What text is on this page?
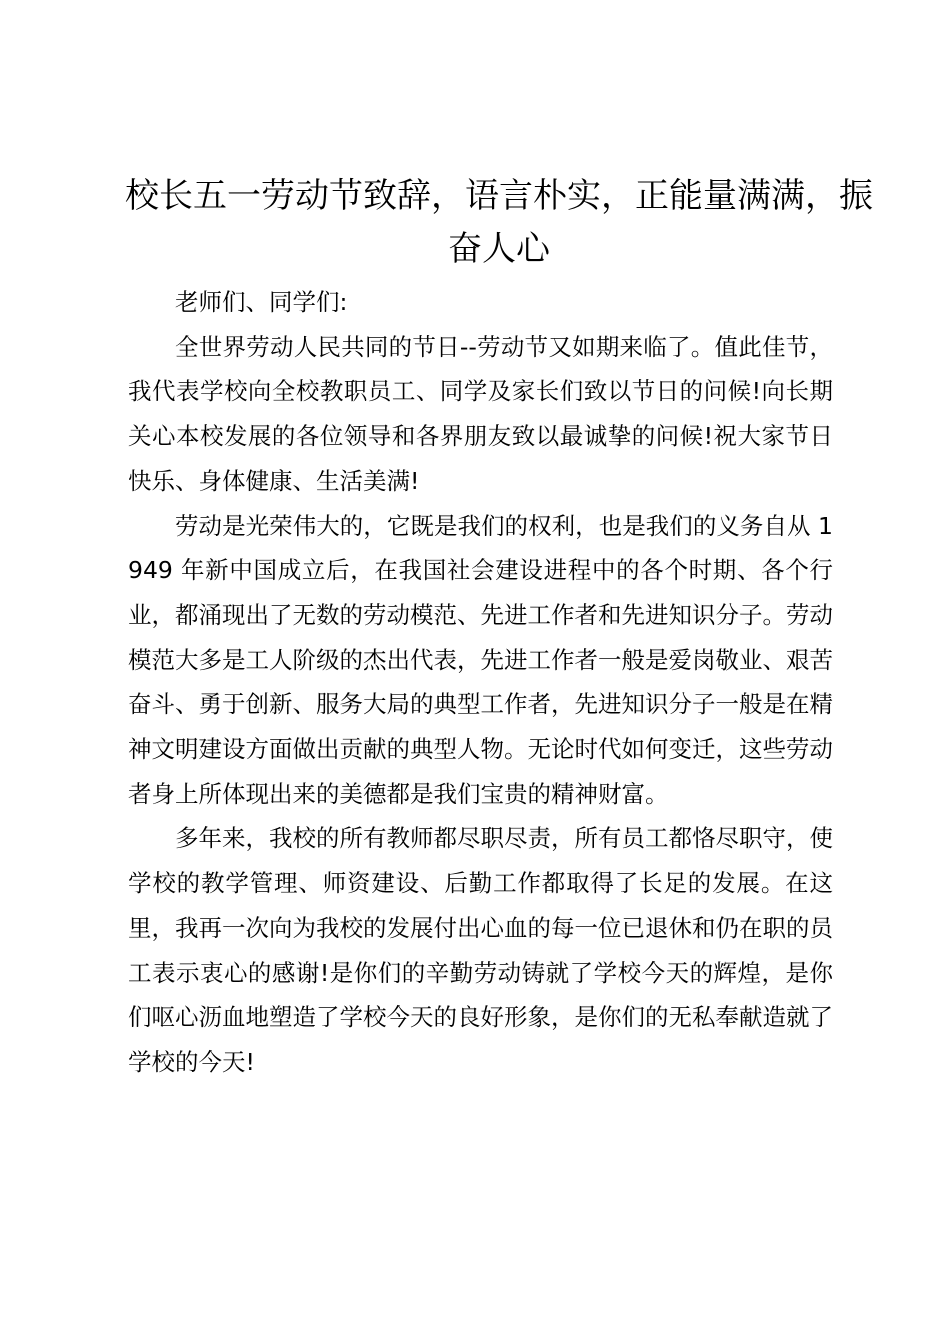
校长五一劳动节致辞，语言朴实，正能量满满，振奋人心

老师们、同学们:

全世界劳动人民共同的节日--劳动节又如期来临了。值此佳节，我代表学校向全校教职员工、同学及家长们致以节日的问候!向长期关心本校发展的各位领导和各界朋友致以最诚挚的问候!祝大家节日快乐、身体健康、生活美满!

劳动是光荣伟大的，它既是我们的权利，也是我们的义务自从 1949 年新中国成立后，在我国社会建设进程中的各个时期、各个行业，都涌现出了无数的劳动模范、先进工作者和先进知识分子。劳动模范大多是工人阶级的杰出代表，先进工作者一般是爱岗敬业、艰苦奋斗、勇于创新、服务大局的典型工作者，先进知识分子一般是在精神文明建设方面做出贡献的典型人物。无论时代如何变迁，这些劳动者身上所体现出来的美德都是我们宝贵的精神财富。

多年来，我校的所有教师都尽职尽责，所有员工都恪尽职守，使学校的教学管理、师资建设、后勤工作都取得了长足的发展。在这里，我再一次向为我校的发展付出心血的每一位已退休和仍在职的员工表示衷心的感谢!是你们的辛勤劳动铸就了学校今天的辉煌，是你们呕心沥血地塑造了学校今天的良好形象，是你们的无私奉献造就了学校的今天!
